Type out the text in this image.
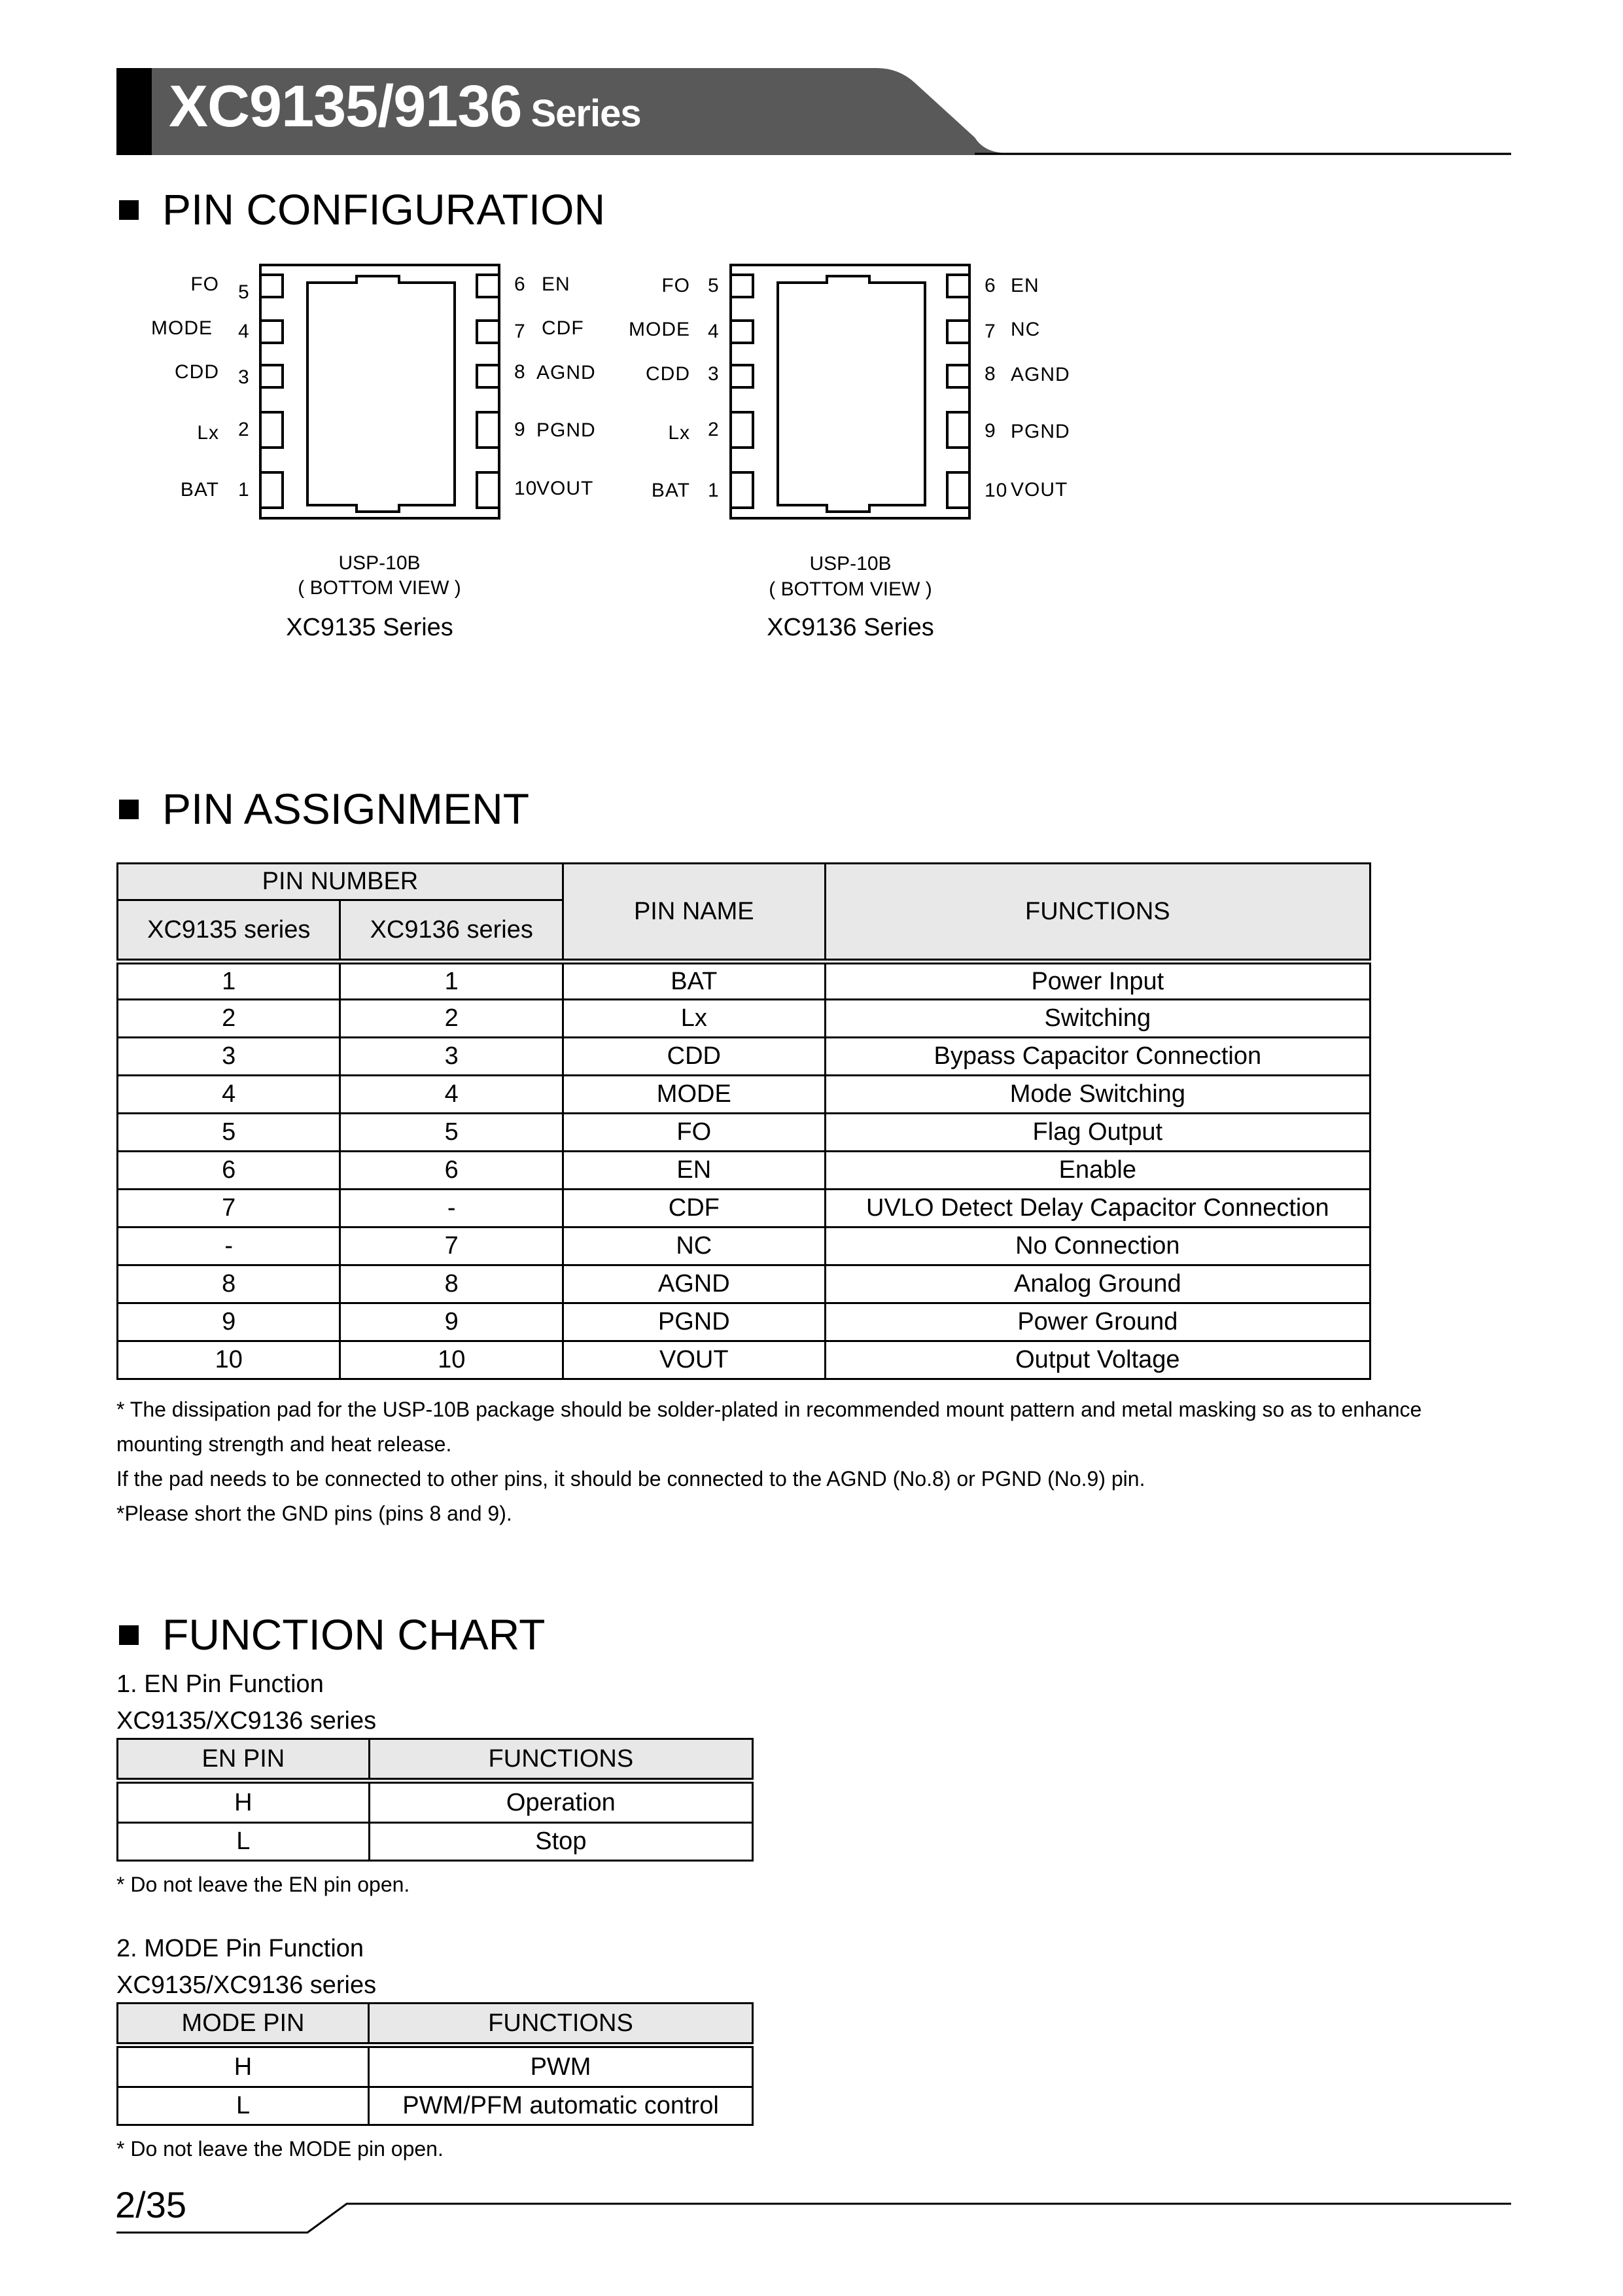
XC9135/9136 Series
PIN CONFIGURATION
FO 5
MODE 4
CDD 3
Lx 2
BAT 1
6 EN
7 CDF
8 AGND
9 PGND
10
VOUT
USP-10B
( BOTTOM VIEW )
XC9135 Series
FO 5
MODE 4
CDD 3
Lx 2
BAT 1
6 EN
7 NC
8 AGND
9 PGND
10 VOUT
USP-10B
( BOTTOM VIEW )
XC9136 Series
PIN ASSIGNMENT
PIN NUMBER		PIN NAME	FUNCTIONS
XC9135 series	XC9136 series		
1	1	BAT	Power Input
2	2	Lx	Switching
3	3	CDD	Bypass Capacitor Connection
4	4	MODE	Mode Switching
5	5	FO	Flag Output
6	6	EN	Enable
7	-	CDF	UVLO Detect Delay Capacitor Connection
-	7	NC	No Connection
8	8	AGND	Analog Ground
9	9	PGND	Power Ground
10	10	VOUT	Output Voltage
* The dissipation pad for the USP-10B package should be solder-plated in recommended mount pattern and metal masking so as to enhance
mounting strength and heat release.
If the pad needs to be connected to other pins, it should be connected to the AGND (No.8) or PGND (No.9) pin.
*Please short the GND pins (pins 8 and 9).
FUNCTION CHART
1. EN Pin Function
XC9135/XC9136 series
EN PIN	FUNCTIONS
H	Operation
L	Stop
* Do not leave the EN pin open.
2. MODE Pin Function
XC9135/XC9136 series
MODE PIN	FUNCTIONS
H	PWM
L	PWM/PFM automatic control
* Do not leave the MODE pin open.
2/35
